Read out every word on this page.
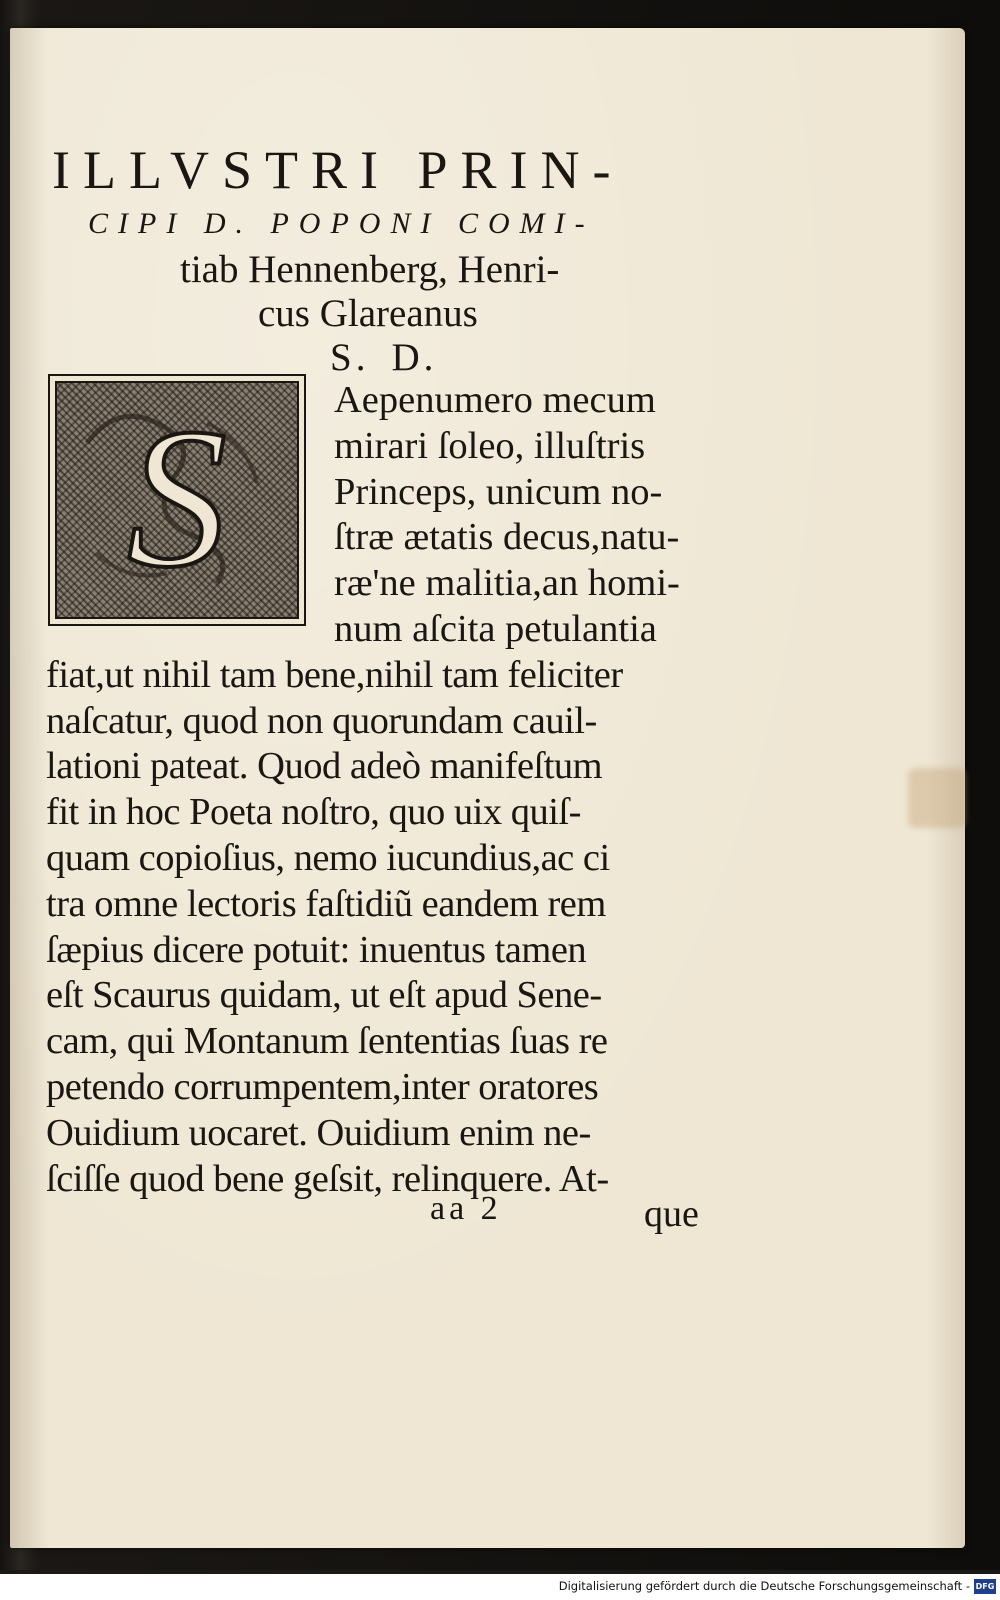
ILLVSTRI PRIN-
CIPI D. POPONI COMI-
tiab Hennenberg, Henri-
cus Glareanus
S. D.
S	Aepenumero mecum
mirari ſoleo, illuſtris
Princeps, unicum no-
ſtræ ætatis decus,natu-
ræ'ne malitia,an homi-
num aſcita petulantia
fiat,ut nihil tam bene,nihil tam feliciter
naſcatur, quod non quorundam cauil-
lationi pateat. Quod adeò manifeſtum
fit in hoc Poeta noſtro, quo uix quiſ-
quam copioſius, nemo iucundius,ac ci
tra omne lectoris faſtidiũ eandem rem
ſæpius dicere potuit: inuentus tamen
eſt Scaurus quidam, ut eſt apud Sene-
cam, qui Montanum ſententias ſuas re
petendo corrumpentem,inter oratores
Ouidium uocaret. Ouidium enim ne-
ſciſſe quod bene geſsit, relinquere. At-
aa 2	que
Digitalisierung gefördert durch die Deutsche Forschungsgemeinschaft - DFG
